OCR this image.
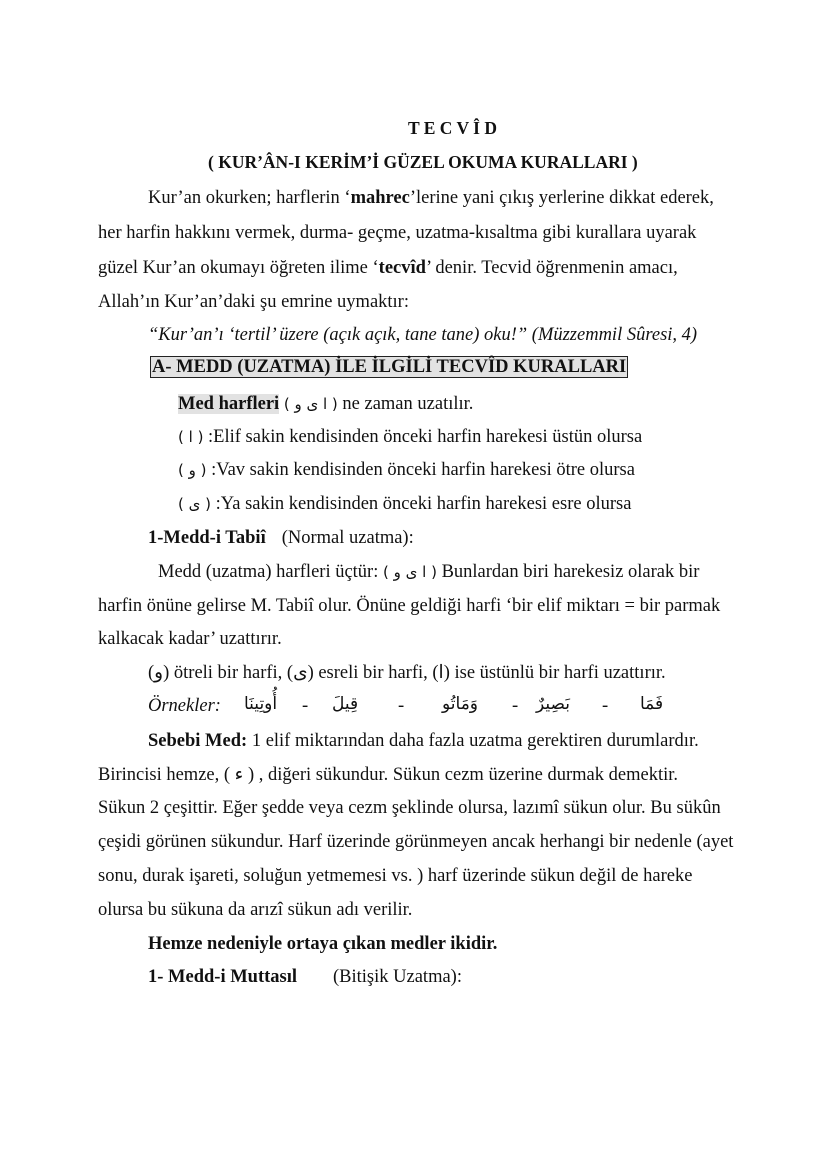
T E C V Î D
( KUR’ÂN-I KERİM’İ GÜZEL OKUMA KURALLARI )
Kur’an okurken; harflerin ‘mahrec’lerine yani çıkış yerlerine dikkat ederek,
her harfin hakkını vermek, durma- geçme, uzatma-kısaltma gibi kurallara uyarak
güzel Kur’an okumayı öğreten ilime ‘tecvîd’ denir. Tecvid öğrenmenin amacı,
Allah’ın Kur’an’daki şu emrine uymaktır:
“Kur’an’ı ‘tertil’ üzere (açık açık, tane tane) oku!” (Müzzemmil Sûresi, 4)
A- MEDD (UZATMA) İLE İLGİLİ TECVÎD KURALLARI
Med harfleri ( ا ى و ) ne zaman uzatılır.
( ا ) :Elif sakin kendisinden önceki harfin harekesi üstün olursa
( و ) :Vav sakin kendisinden önceki harfin harekesi ötre olursa
( ى ) :Ya sakin kendisinden önceki harfin harekesi esre olursa
1-Medd-i Tabiî (Normal uzatma):
Medd (uzatma) harfleri üçtür: ( ا ى و ) Bunlardan biri harekesiz olarak bir
harfin önüne gelirse M. Tabiî olur. Önüne geldiği harfi ‘bir elif miktarı = bir parmak
kalkacak kadar’ uzattırır.
(و) ötreli bir harfi, (ى) esreli bir harfi, (ا) ise üstünlü bir harfi uzattırır.
Örnekler: أُوتِينَا - قِيلَ - وَمَاتُو - بَصِيرٌ - فَمَا
Sebebi Med: 1 elif miktarından daha fazla uzatma gerektiren durumlardır.
Birincisi hemze, ( ء ) , diğeri sükundur. Sükun cezm üzerine durmak demektir.
Sükun 2 çeşittir. Eğer şedde veya cezm şeklinde olursa, lazımî sükun olur. Bu sükûn
çeşidi görünen sükundur. Harf üzerinde görünmeyen ancak herhangi bir nedenle (ayet
sonu, durak işareti, soluğun yetmemesi vs. ) harf üzerinde sükun değil de hareke
olursa bu sükuna da arızî sükun adı verilir.
Hemze nedeniyle ortaya çıkan medler ikidir.
1- Medd-i Muttasıl (Bitişik Uzatma):
